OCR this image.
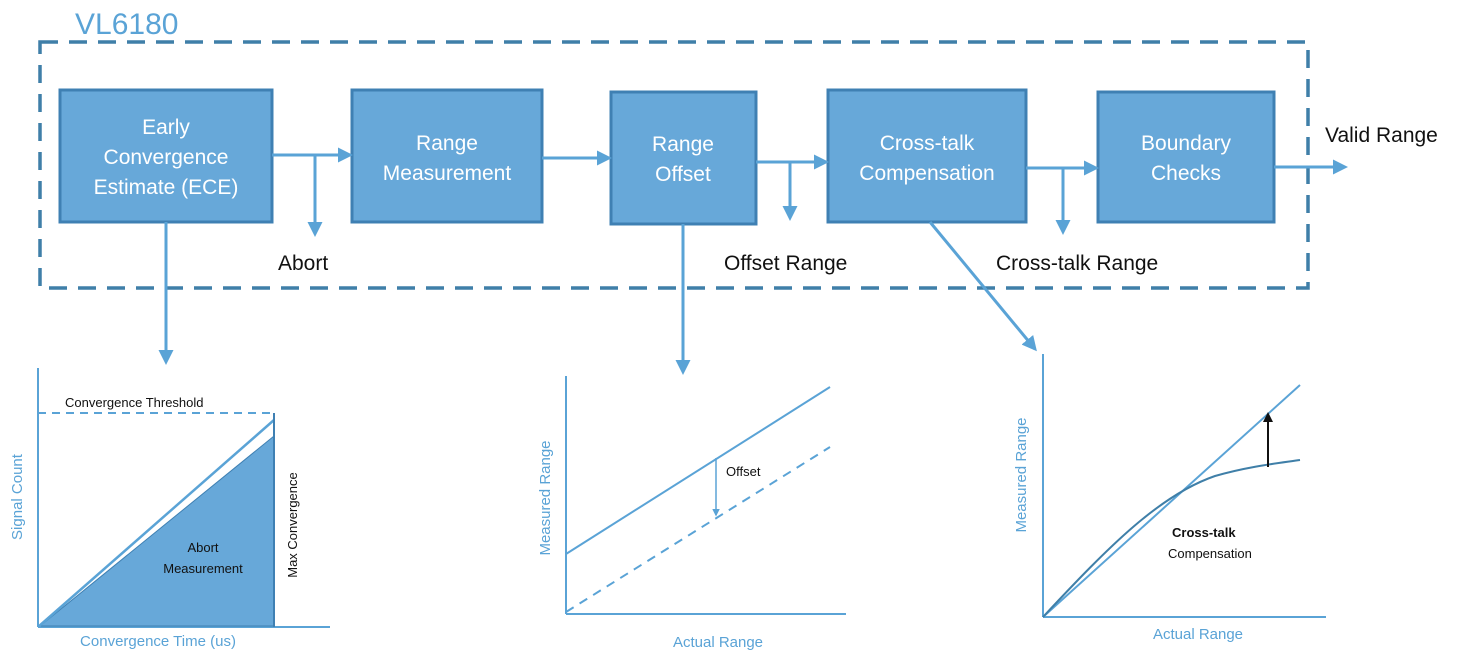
VL6180
Early
Convergence
Estimate (ECE)
Range
Measurement
Range
Offset
Cross-talk
Compensation
Boundary
Checks
Abort	Offset Range	Cross-talk Range
Valid Range
Convergence Threshold
Abort
Measurement	Max Convergence
Signal Count
Convergence Time (us)
Offset
Measured Range
Actual Range
Cross-talk
Compensation
Measured Range
Actual Range
